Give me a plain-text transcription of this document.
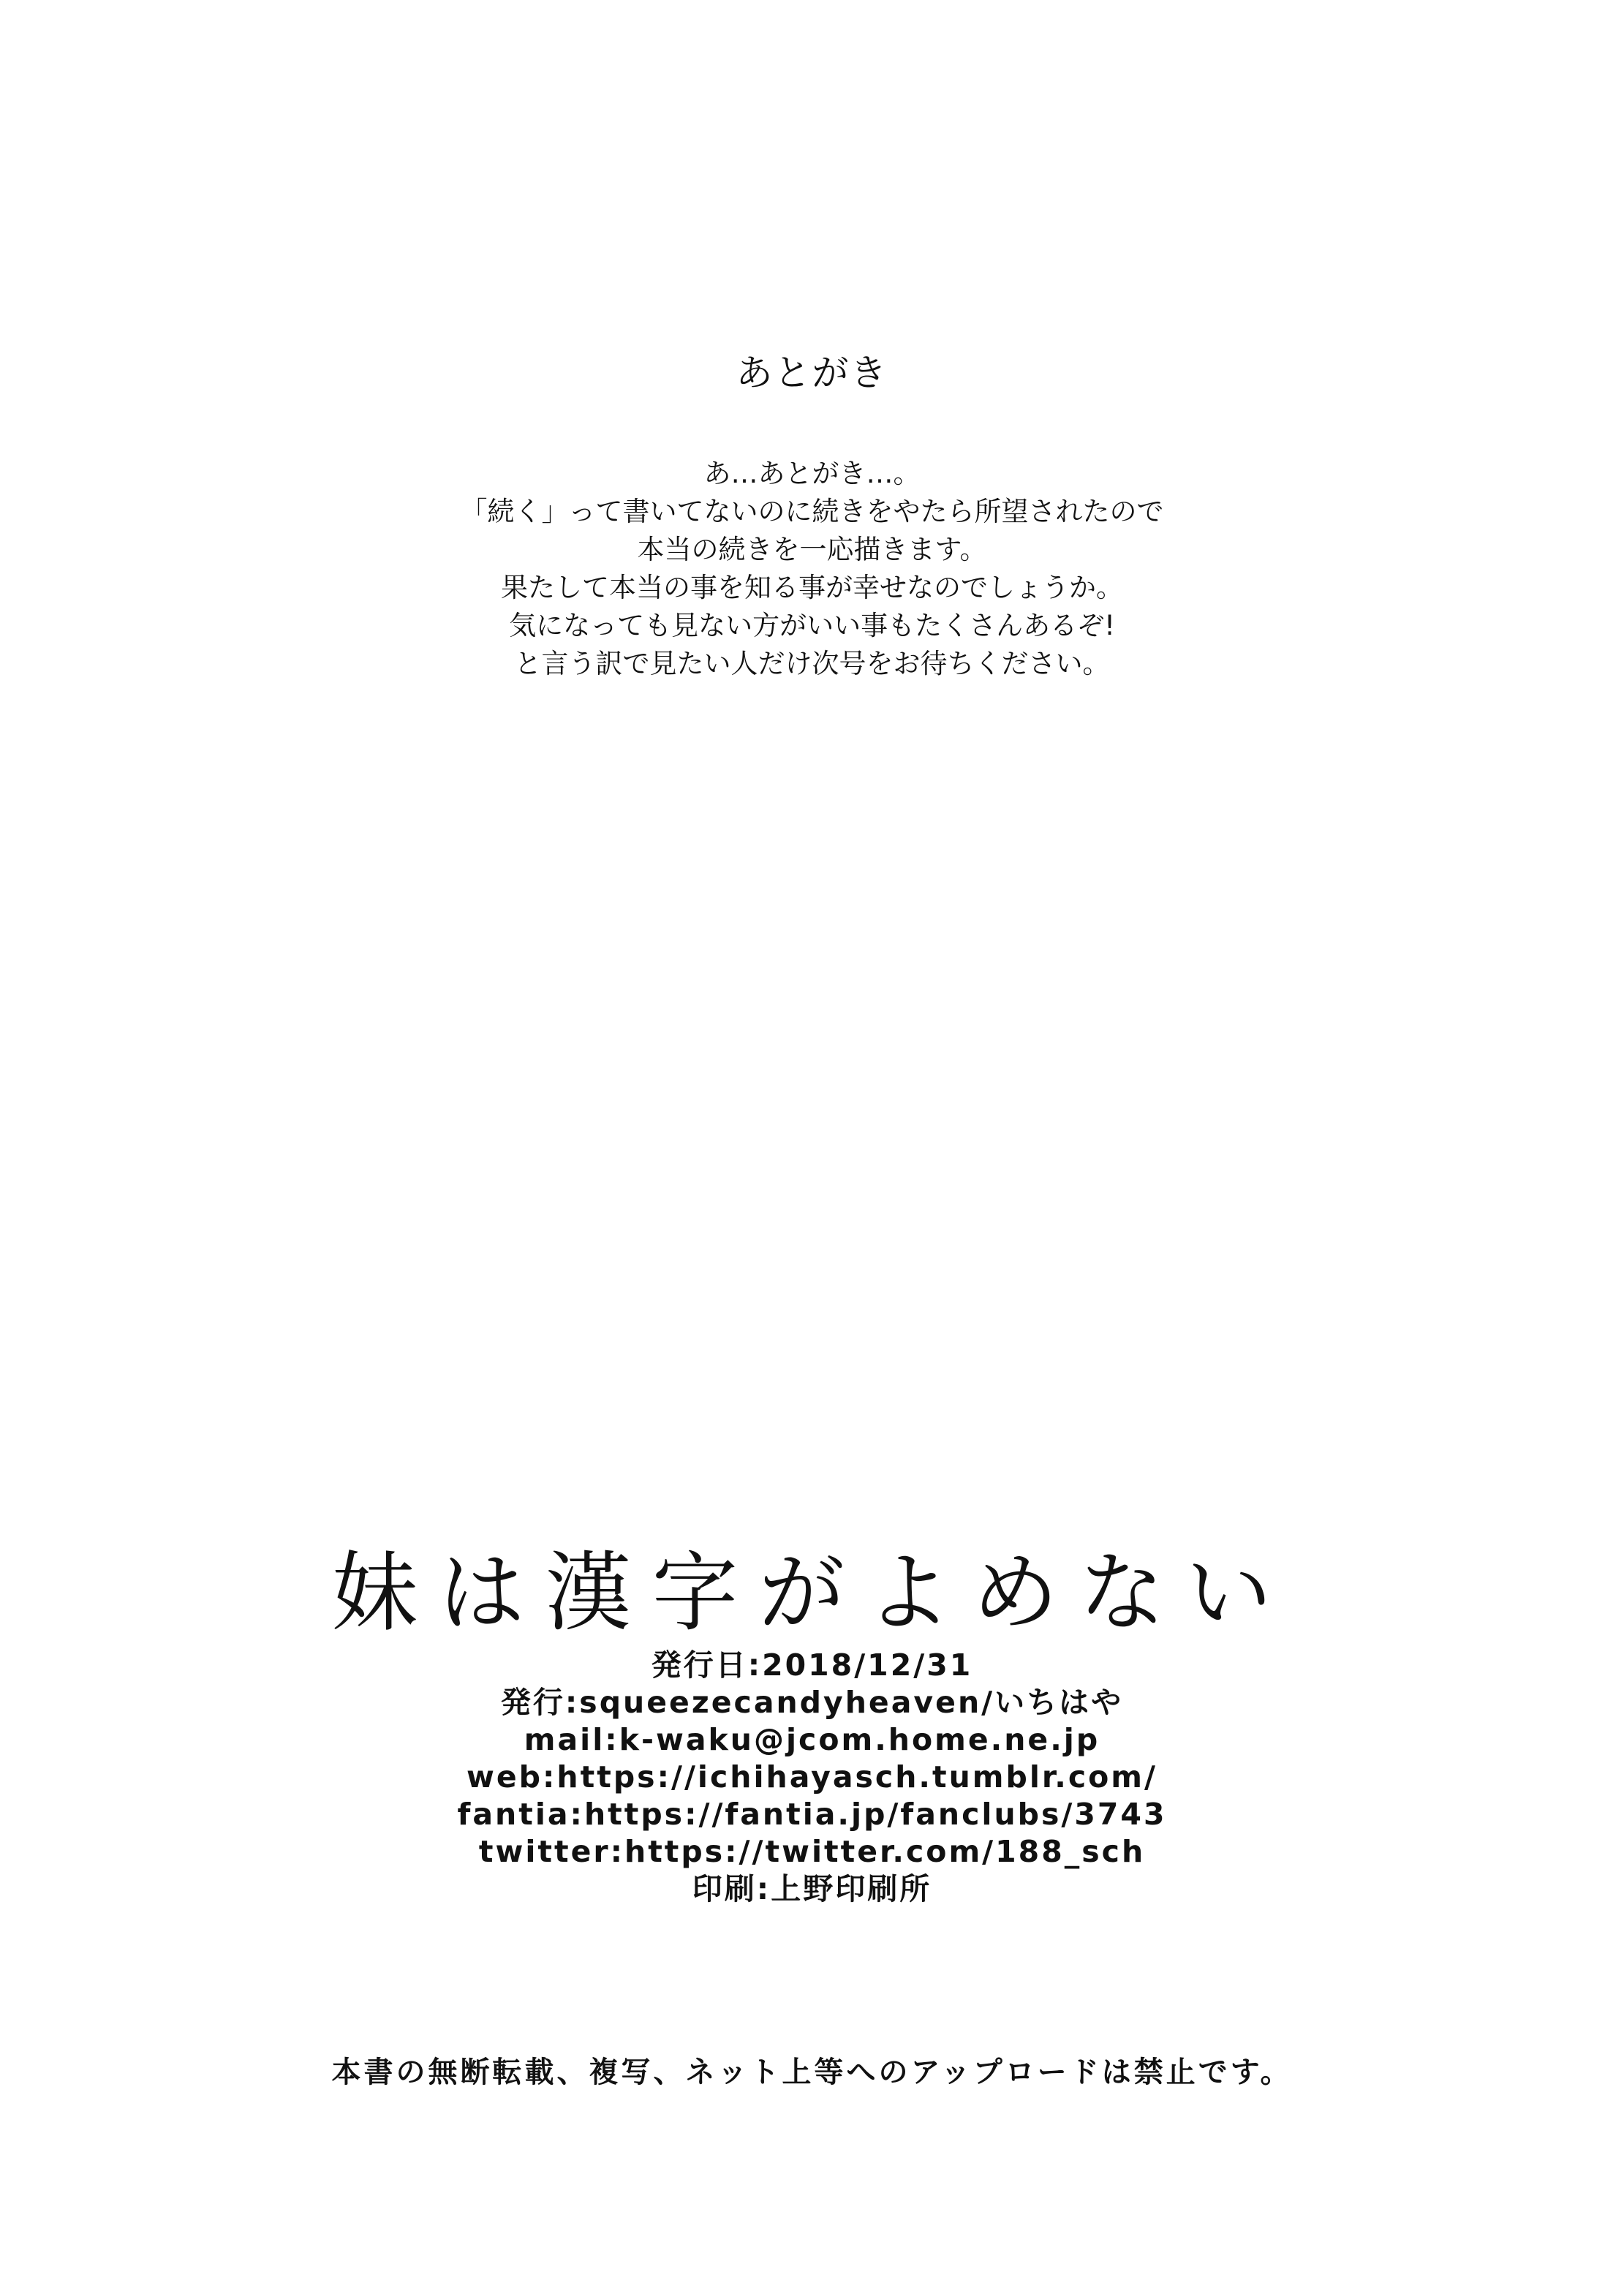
あとがき
あ…あとがき…。
「続く」って書いてないのに続きをやたら所望されたので
本当の続きを一応描きます。
果たして本当の事を知る事が幸せなのでしょうか。
気になっても見ない方がいい事もたくさんあるぞ!
と言う訳で見たい人だけ次号をお待ちください。
妹は漢字がよめない
発行日:2018/12/31
発行:squeezecandyheaven/いちはや
mail:k-waku@jcom.home.ne.jp
web:https://ichihayasch.tumblr.com/
fantia:https://fantia.jp/fanclubs/3743
twitter:https://twitter.com/188_sch
印刷:上野印刷所
本書の無断転載、複写、ネット上等へのアップロードは禁止です。
